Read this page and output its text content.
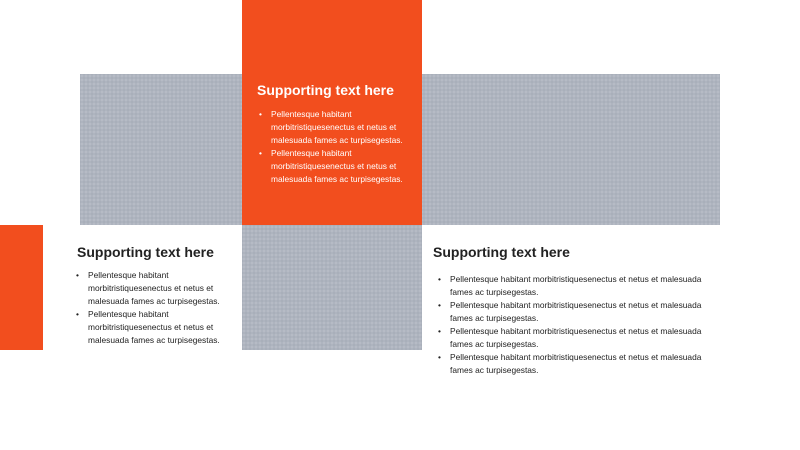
Supporting text here
• Pellentesque habitant morbitristiquesenectus et netus et malesuada fames ac turpisegestas.
• Pellentesque habitant morbitristiquesenectus et netus et malesuada fames ac turpisegestas.
Supporting text here
• Pellentesque habitant morbitristiquesenectus et netus et malesuada fames ac turpisegestas.
• Pellentesque habitant morbitristiquesenectus et netus et malesuada fames ac turpisegestas.
Supporting text here
• Pellentesque habitant morbitristiquesenectus et netus et malesuada fames ac turpisegestas.
• Pellentesque habitant morbitristiquesenectus et netus et malesuada fames ac turpisegestas.
• Pellentesque habitant morbitristiquesenectus et netus et malesuada fames ac turpisegestas.
• Pellentesque habitant morbitristiquesenectus et netus et malesuada fames ac turpisegestas.
